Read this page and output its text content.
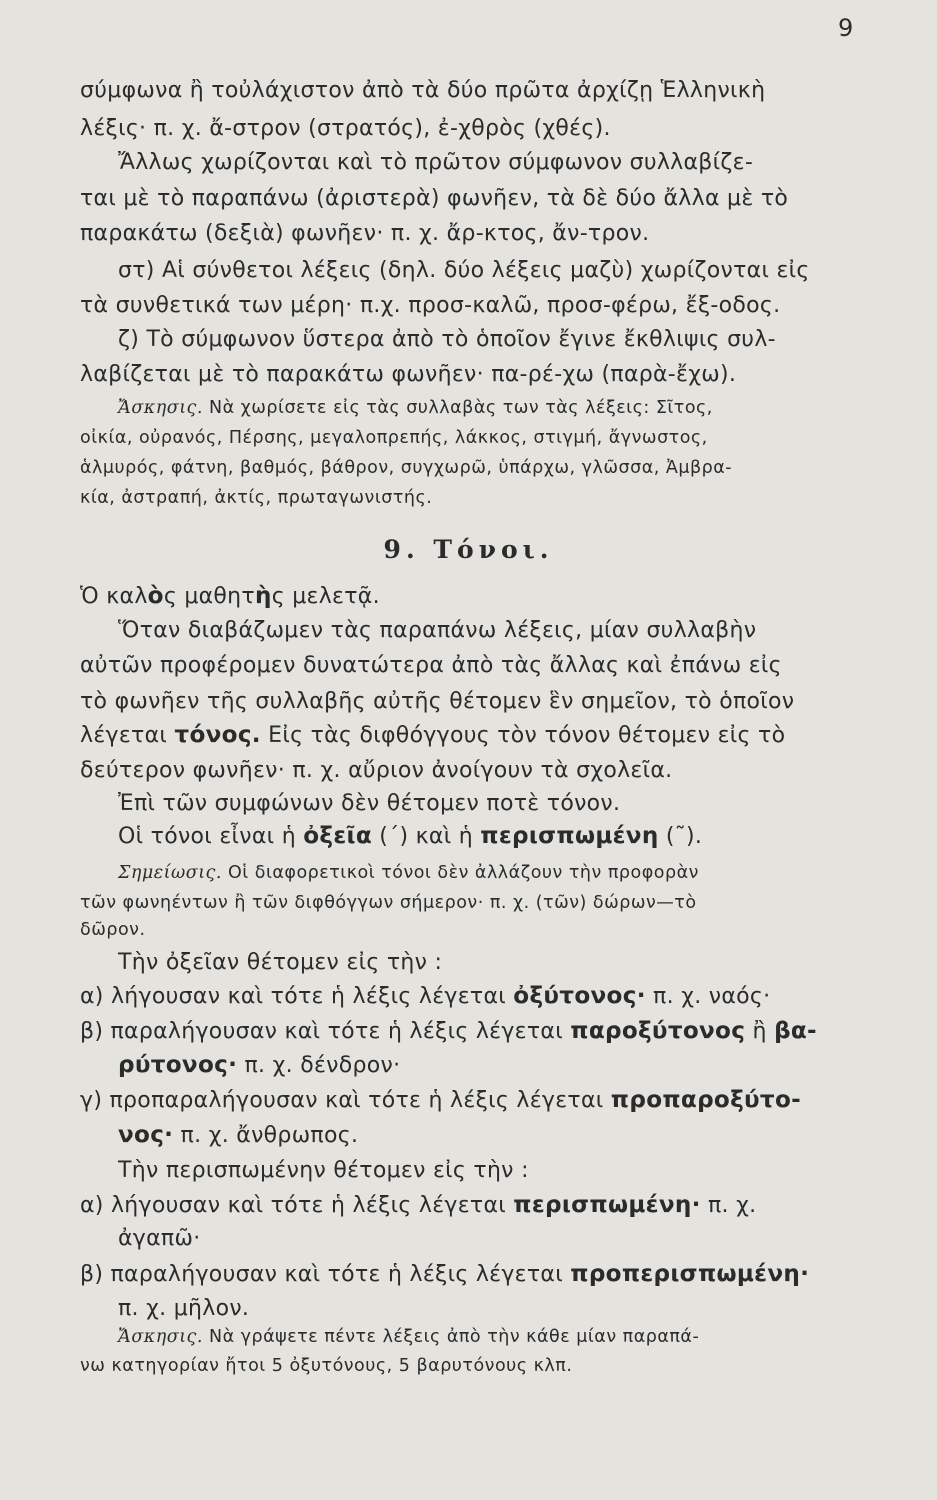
9
9. Τόνοι.
σύμφωνα ἢ τοὐλάχιστον ἀπὸ τὰ δύο πρῶτα ἀρχίζῃ Ἑλληνικὴ
λέξις· π. χ. ἄ-στρον (στρατός), ἐ-χθρὸς (χθές).
Ἄλλως χωρίζονται καὶ τὸ πρῶτον σύμφωνον συλλαβίζε-
ται μὲ τὸ παραπάνω (ἀριστερὰ) φωνῆεν, τὰ δὲ δύο ἄλλα μὲ τὸ
παρακάτω (δεξιὰ) φωνῆεν· π. χ. ἄρ-κτος, ἄν-τρον.
στ) Αἱ σύνθετοι λέξεις (δηλ. δύο λέξεις μαζὺ) χωρίζονται εἰς
τὰ συνθετικά των μέρη· π.χ. προσ-καλῶ, προσ-φέρω, ἔξ-οδος.
ζ) Τὸ σύμφωνον ὕστερα ἀπὸ τὸ ὁποῖον ἔγινε ἔκθλιψις συλ-
λαβίζεται μὲ τὸ παρακάτω φωνῆεν· πα-ρέ-χω (παρὰ-ἔχω).
Ἄσκησις. Νὰ χωρίσετε εἰς τὰς συλλαβὰς των τὰς λέξεις: Σῖτος,
οἰκία, οὐρανός, Πέρσης, μεγαλοπρεπής, λάκκος, στιγμή, ἄγνωστος,
ἁλμυρός, φάτνη, βαθμός, βάθρον, συγχωρῶ, ὑπάρχω, γλῶσσα, Ἀμβρα-
κία, ἀστραπή, ἀκτίς, πρωταγωνιστής.
Ὁ καλὸς μαθητὴς μελετᾷ.
Ὅταν διαβάζωμεν τὰς παραπάνω λέξεις, μίαν συλλαβὴν
αὐτῶν προφέρομεν δυνατώτερα ἀπὸ τὰς ἄλλας καὶ ἐπάνω εἰς
τὸ φωνῆεν τῆς συλλαβῆς αὐτῆς θέτομεν ἓν σημεῖον, τὸ ὁποῖον
λέγεται τόνος. Εἰς τὰς διφθόγγους τὸν τόνον θέτομεν εἰς τὸ
δεύτερον φωνῆεν· π. χ. αὔριον ἀνοίγουν τὰ σχολεῖα.
Ἐπὶ τῶν συμφώνων δὲν θέτομεν ποτὲ τόνον.
Οἱ τόνοι εἶναι ἡ ὀξεῖα (΄) καὶ ἡ περισπωμένη (῀).
Σημείωσις. Οἱ διαφορετικοὶ τόνοι δὲν ἀλλάζουν τὴν προφορὰν
τῶν φωνηέντων ἢ τῶν διφθόγγων σήμερον· π. χ. (τῶν) δώρων—τὸ
δῶρον.
Τὴν ὀξεῖαν θέτομεν εἰς τὴν :
α) λήγουσαν καὶ τότε ἡ λέξις λέγεται ὀξύτονος· π. χ. ναός·
β) παραλήγουσαν καὶ τότε ἡ λέξις λέγεται παροξύτονος ἢ βα-
ρύτονος· π. χ. δένδρον·
γ) προπαραλήγουσαν καὶ τότε ἡ λέξις λέγεται προπαροξύτο-
νος· π. χ. ἄνθρωπος.
Τὴν περισπωμένην θέτομεν εἰς τὴν :
α) λήγουσαν καὶ τότε ἡ λέξις λέγεται περισπωμένη· π. χ.
ἀγαπῶ·
β) παραλήγουσαν καὶ τότε ἡ λέξις λέγεται προπερισπωμένη·
π. χ. μῆλον.
Ἄσκησις. Νὰ γράψετε πέντε λέξεις ἀπὸ τὴν κάθε μίαν παραπά-
νω κατηγορίαν ἤτοι 5 ὀξυτόνους, 5 βαρυτόνους κλπ.
